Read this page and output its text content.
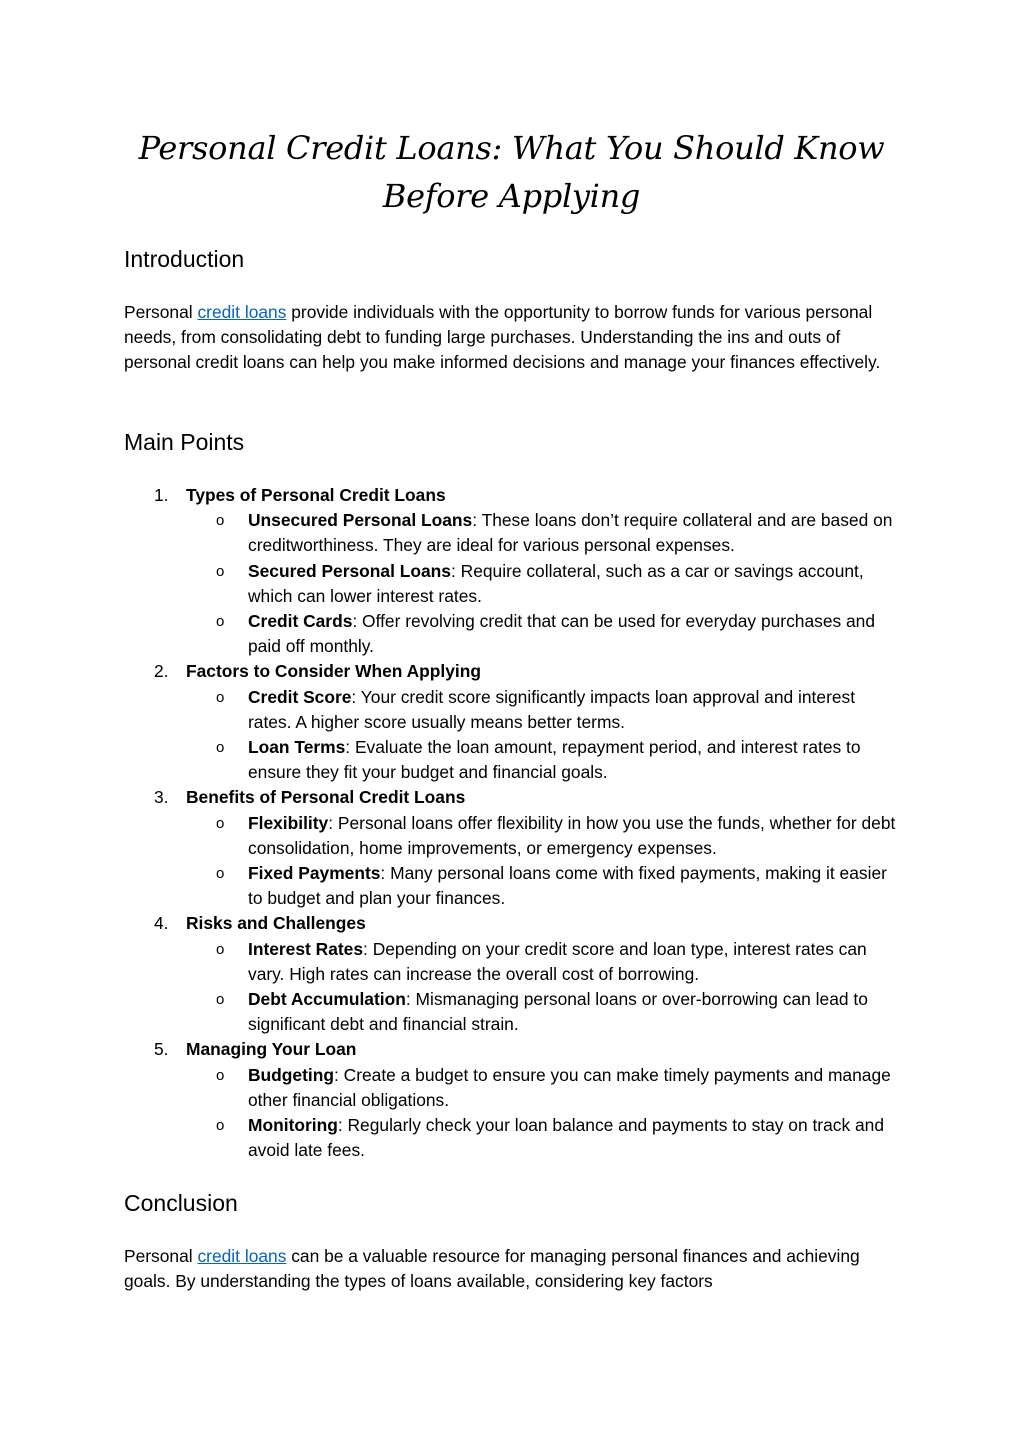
Personal Credit Loans: What You Should Know
Before Applying
Introduction

Personal credit loans provide individuals with the opportunity to borrow funds for various personal needs, from consolidating debt to funding large purchases. Understanding the ins and outs of personal credit loans can help you make informed decisions and manage your finances effectively.

Main Points
1.	Types of Personal Credit Loans
o Unsecured Personal Loans: These loans don’t require collateral and are based on creditworthiness. They are ideal for various personal expenses.
o Secured Personal Loans: Require collateral, such as a car or savings account, which can lower interest rates.
o Credit Cards: Offer revolving credit that can be used for everyday purchases and paid off monthly.
2.	Factors to Consider When Applying
o Credit Score: Your credit score significantly impacts loan approval and interest rates. A higher score usually means better terms.
o Loan Terms: Evaluate the loan amount, repayment period, and interest rates to ensure they fit your budget and financial goals.
3.	Benefits of Personal Credit Loans
o Flexibility: Personal loans offer flexibility in how you use the funds, whether for debt consolidation, home improvements, or emergency expenses.
o Fixed Payments: Many personal loans come with fixed payments, making it easier to budget and plan your finances.
4.	Risks and Challenges
o Interest Rates: Depending on your credit score and loan type, interest rates can vary. High rates can increase the overall cost of borrowing.
o Debt Accumulation: Mismanaging personal loans or over-borrowing can lead to significant debt and financial strain.
5.	Managing Your Loan
o Budgeting: Create a budget to ensure you can make timely payments and manage other financial obligations.
o Monitoring: Regularly check your loan balance and payments to stay on track and avoid late fees.
Conclusion

Personal credit loans can be a valuable resource for managing personal finances and achieving goals. By understanding the types of loans available, considering key factors
